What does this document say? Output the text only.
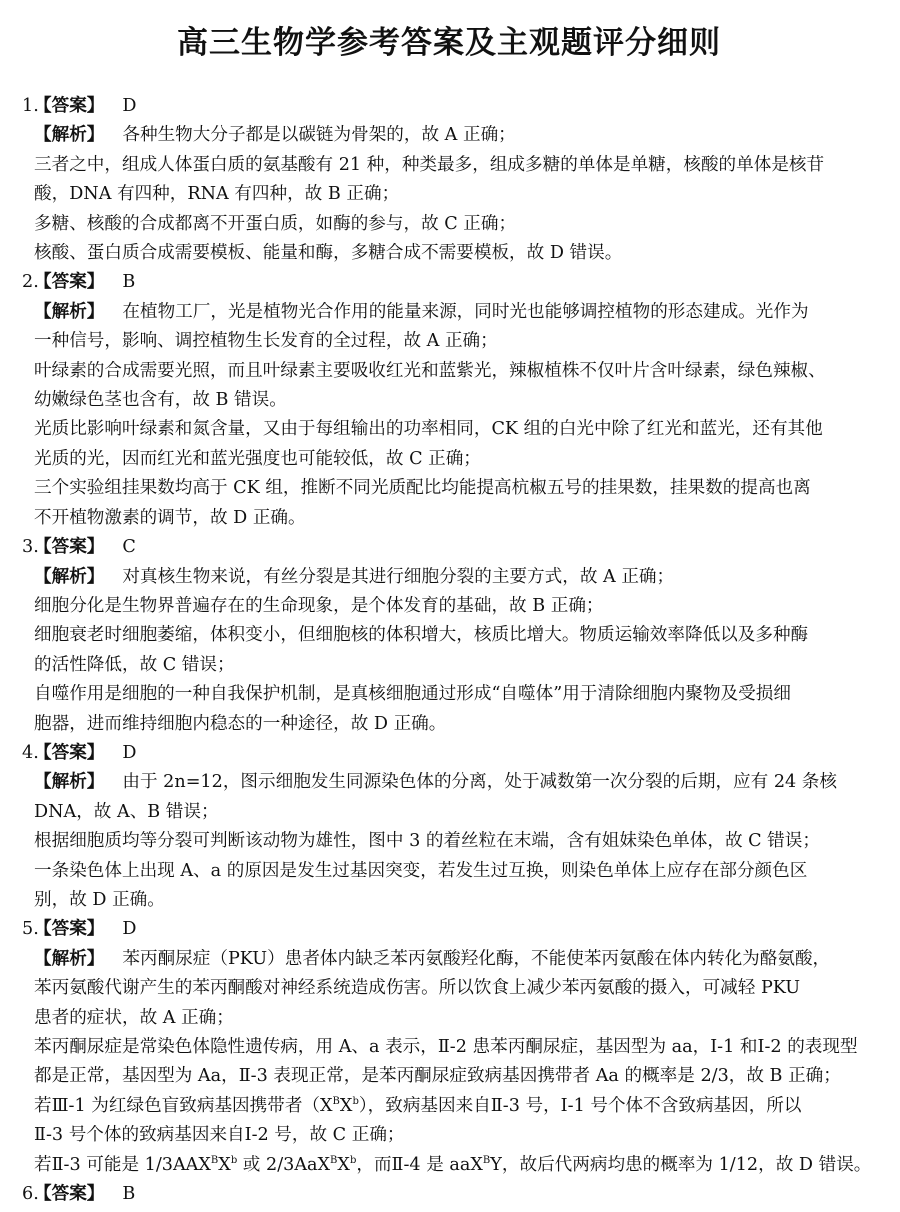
高三生物学参考答案及主观题评分细则
1.
【答案】 D
【解析】 各种生物大分子都是以碳链为骨架的，故 A 正确；
三者之中，组成人体蛋白质的氨基酸有 21 种，种类最多，组成多糖的单体是单糖，核酸的单体是核苷
酸，DNA 有四种，RNA 有四种，故 B 正确；
多糖、核酸的合成都离不开蛋白质，如酶的参与，故 C 正确；
核酸、蛋白质合成需要模板、能量和酶，多糖合成不需要模板，故 D 错误。
2.
【答案】 B
【解析】 在植物工厂，光是植物光合作用的能量来源，同时光也能够调控植物的形态建成。光作为
一种信号，影响、调控植物生长发育的全过程，故 A 正确；
叶绿素的合成需要光照，而且叶绿素主要吸收红光和蓝紫光，辣椒植株不仅叶片含叶绿素，绿色辣椒、
幼嫩绿色茎也含有，故 B 错误。
光质比影响叶绿素和氮含量，又由于每组输出的功率相同，CK 组的白光中除了红光和蓝光，还有其他
光质的光，因而红光和蓝光强度也可能较低，故 C 正确；
三个实验组挂果数均高于 CK 组，推断不同光质配比均能提高杭椒五号的挂果数，挂果数的提高也离
不开植物激素的调节，故 D 正确。
3.
【答案】 C
【解析】 对真核生物来说，有丝分裂是其进行细胞分裂的主要方式，故 A 正确；
细胞分化是生物界普遍存在的生命现象，是个体发育的基础，故 B 正确；
细胞衰老时细胞萎缩，体积变小，但细胞核的体积增大，核质比增大。物质运输效率降低以及多种酶
的活性降低，故 C 错误；
自噬作用是细胞的一种自我保护机制，是真核细胞通过形成“自噬体”用于清除细胞内聚物及受损细
胞器，进而维持细胞内稳态的一种途径，故 D 正确。
4.
【答案】 D
【解析】 由于 2n=12，图示细胞发生同源染色体的分离，处于减数第一次分裂的后期，应有 24 条核
DNA，故 A、B 错误；
根据细胞质均等分裂可判断该动物为雄性，图中 3 的着丝粒在末端，含有姐妹染色单体，故 C 错误；
一条染色体上出现 A、a 的原因是发生过基因突变，若发生过互换，则染色单体上应存在部分颜色区
别，故 D 正确。
5.
【答案】 D
【解析】 苯丙酮尿症（PKU）患者体内缺乏苯丙氨酸羟化酶，不能使苯丙氨酸在体内转化为酪氨酸，
苯丙氨酸代谢产生的苯丙酮酸对神经系统造成伤害。所以饮食上减少苯丙氨酸的摄入，可减轻 PKU
患者的症状，故 A 正确；
苯丙酮尿症是常染色体隐性遗传病，用 A、a 表示，Ⅱ-2 患苯丙酮尿症，基因型为 aa，Ⅰ-1 和Ⅰ-2 的表现型
都是正常，基因型为 Aa，Ⅱ-3 表现正常，是苯丙酮尿症致病基因携带者 Aa 的概率是 2/3，故 B 正确；
若Ⅲ-1 为红绿色盲致病基因携带者$(X^BX^b)$，致病基因来自Ⅱ-3 号，Ⅰ-1 号个体不含致病基因，所以
Ⅱ-3 号个体的致病基因来自Ⅰ-2 号，故 C 正确；
若Ⅱ-3 可能是 $1/3AAX^BX^b$ 或 $2/3AaX^BX^b$，而Ⅱ-4 是 aaX$^B$Y，故后代两病均患的概率为 1/12，故 D 错误。
6.
【答案】 B
